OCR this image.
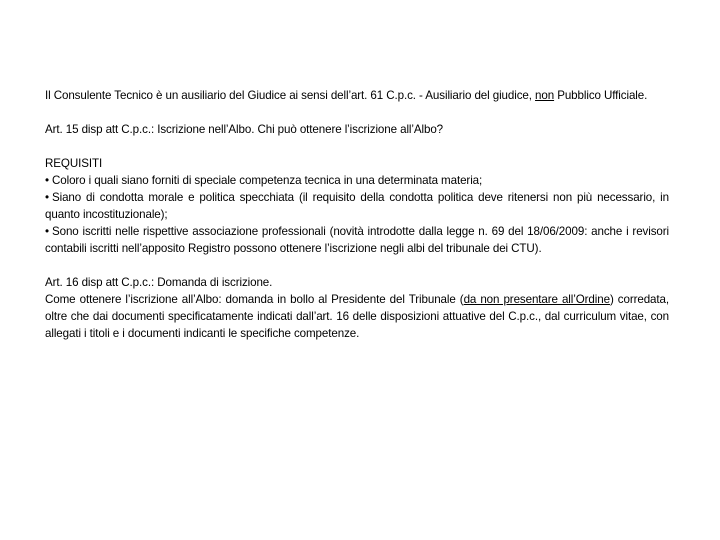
Il Consulente Tecnico è un ausiliario del Giudice ai sensi dell’art. 61 C.p.c. - Ausiliario del giudice, non Pubblico Ufficiale.

Art. 15 disp att C.p.c.: Iscrizione nell’Albo. Chi può ottenere l’iscrizione all’Albo?

REQUISITI

• Coloro i quali siano forniti di speciale competenza tecnica in una determinata materia;

• Siano di condotta morale e politica specchiata (il requisito della condotta politica deve ritenersi non più necessario, in quanto incostituzionale);

• Sono iscritti nelle rispettive associazione professionali (novità introdotte dalla legge n. 69 del 18/06/2009: anche i revisori contabili iscritti nell’apposito Registro possono ottenere l’iscrizione negli albi del tribunale dei CTU).

Art. 16 disp att C.p.c.: Domanda di iscrizione.

Come ottenere l’iscrizione all’Albo: domanda in bollo al Presidente del Tribunale (da non presentare all’Ordine) corredata, oltre che dai documenti specificatamente indicati dall’art. 16 delle disposizioni attuative del C.p.c., dal curriculum vitae, con allegati i titoli e i documenti indicanti le specifiche competenze.
